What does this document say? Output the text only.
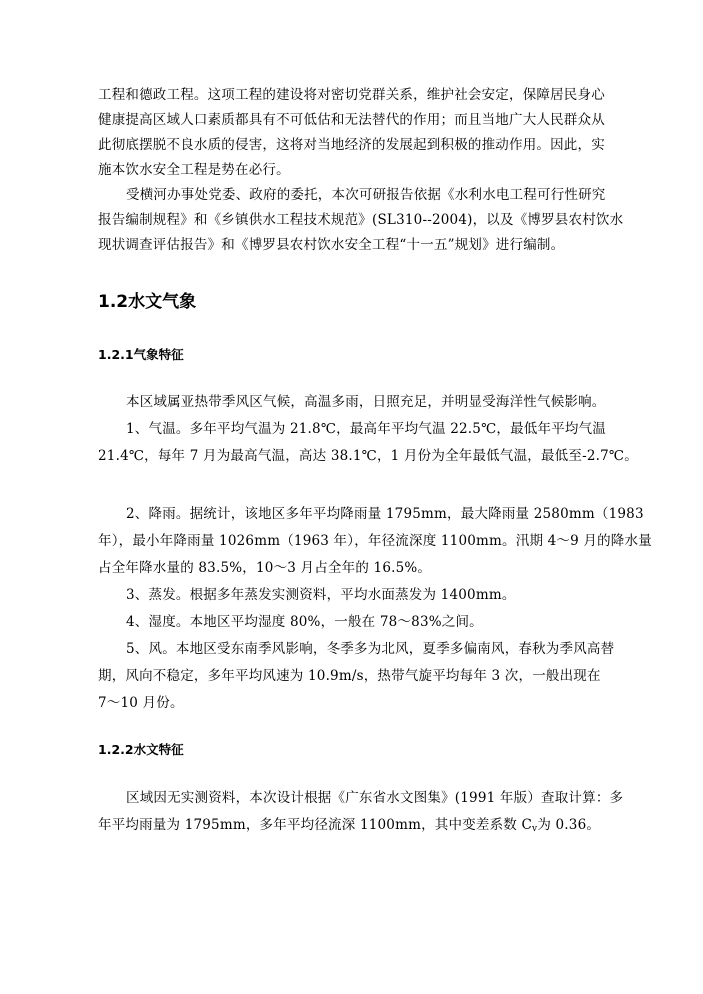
工程和德政工程。这项工程的建设将对密切党群关系，维护社会安定，保障居民身心
健康提高区域人口素质都具有不可低估和无法替代的作用；而且当地广大人民群众从
此彻底摆脱不良水质的侵害，这将对当地经济的发展起到积极的推动作用。因此，实
施本饮水安全工程是势在必行。
受横河办事处党委、政府的委托，本次可研报告依据《水利水电工程可行性研究
报告编制规程》和《乡镇供水工程技术规范》(SL310--2004)，以及《博罗县农村饮水
现状调查评估报告》和《博罗县农村饮水安全工程“十一五”规划》进行编制。
1.2水文气象
1.2.1气象特征
本区域属亚热带季风区气候，高温多雨，日照充足，并明显受海洋性气候影响。
1、气温。多年平均气温为 21.8℃，最高年平均气温 22.5℃，最低年平均气温
21.4℃，每年 7 月为最高气温，高达 38.1℃，1 月份为全年最低气温，最低至-2.7℃。
2、降雨。据统计，该地区多年平均降雨量 1795mm，最大降雨量 2580mm（1983
年），最小年降雨量 1026mm（1963 年），年径流深度 1100mm。汛期 4～9 月的降水量
占全年降水量的 83.5%，10～3 月占全年的 16.5%。
3、蒸发。根据多年蒸发实测资料，平均水面蒸发为 1400mm。
4、湿度。本地区平均湿度 80%，一般在 78～83%之间。
5、风。本地区受东南季风影响，冬季多为北风，夏季多偏南风，春秋为季风高替
期，风向不稳定，多年平均风速为 10.9m/s，热带气旋平均每年 3 次，一般出现在
7～10 月份。
1.2.2水文特征
区域因无实测资料，本次设计根据《广东省水文图集》(1991 年版）查取计算：多
年平均雨量为 1795mm，多年平均径流深 1100mm，其中变差系数 $C_v$为 0.36。
